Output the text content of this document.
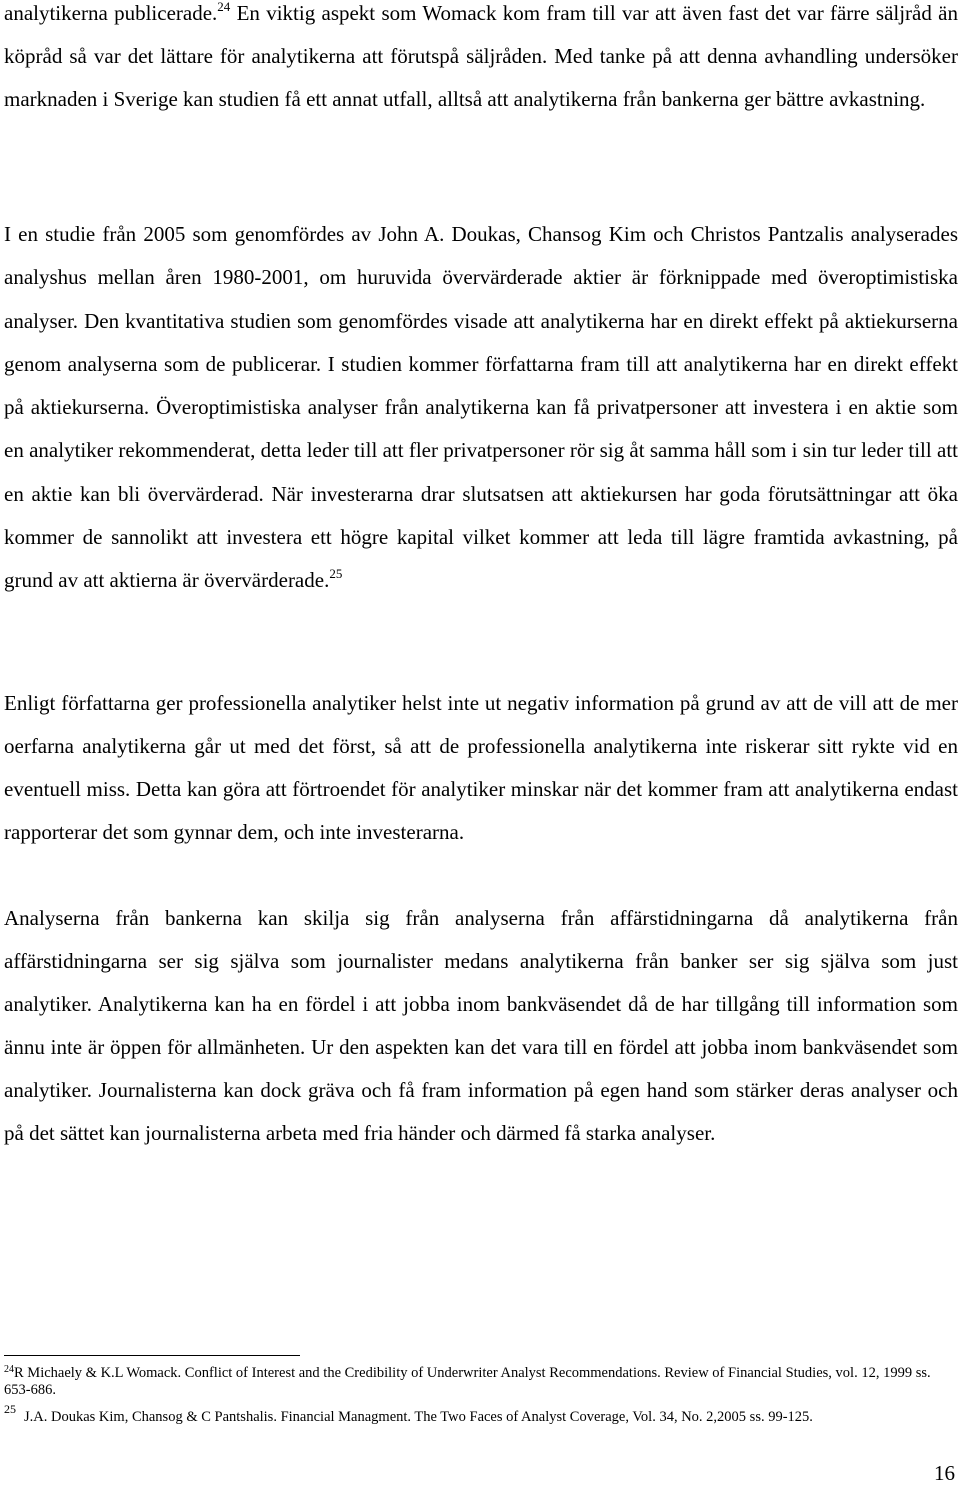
analytikerna publicerade.$^{24}$ En viktig aspekt som Womack kom fram till var att även fast det var färre säljråd än köpråd så var det lättare för analytikerna att förutspå säljråden. Med tanke på att denna avhandling undersöker marknaden i Sverige kan studien få ett annat utfall, alltså att analytikerna från bankerna ger bättre avkastning.

I en studie från 2005 som genomfördes av John A. Doukas, Chansog Kim och Christos Pantzalis analyserades analyshus mellan åren 1980-2001, om huruvida övervärderade aktier är förknippade med överoptimistiska analyser. Den kvantitativa studien som genomfördes visade att analytikerna har en direkt effekt på aktiekurserna genom analyserna som de publicerar. I studien kommer författarna fram till att analytikerna har en direkt effekt på aktiekurserna. Överoptimistiska analyser från analytikerna kan få privatpersoner att investera i en aktie som en analytiker rekommenderat, detta leder till att fler privatpersoner rör sig åt samma håll som i sin tur leder till att en aktie kan bli övervärderad. När investerarna drar slutsatsen att aktiekursen har goda förutsättningar att öka kommer de sannolikt att investera ett högre kapital vilket kommer att leda till lägre framtida avkastning, på grund av att aktierna är övervärderade.$^{25}$

Enligt författarna ger professionella analytiker helst inte ut negativ information på grund av att de vill att de mer oerfarna analytikerna går ut med det först, så att de professionella analytikerna inte riskerar sitt rykte vid en eventuell miss. Detta kan göra att förtroendet för analytiker minskar när det kommer fram att analytikerna endast rapporterar det som gynnar dem, och inte investerarna.

Analyserna från bankerna kan skilja sig från analyserna från affärstidningarna då analytikerna från affärstidningarna ser sig själva som journalister medans analytikerna från banker ser sig själva som just analytiker. Analytikerna kan ha en fördel i att jobba inom bankväsendet då de har tillgång till information som ännu inte är öppen för allmänheten. Ur den aspekten kan det vara till en fördel att jobba inom bankväsendet som analytiker. Journalisterna kan dock gräva och få fram information på egen hand som stärker deras analyser och på det sättet kan journalisterna arbeta med fria händer och därmed få starka analyser.

$^{24}$R Michaely & K.L Womack. Conflict of Interest and the Credibility of Underwriter Analyst Recommendations. Review of Financial Studies, vol. 12, 1999 ss. 653-686.

$^{25}$ J.A. Doukas Kim, Chansog & C Pantshalis. Financial Managment. The Two Faces of Analyst Coverage, Vol. 34, No. 2,2005 ss. 99-125.

16
